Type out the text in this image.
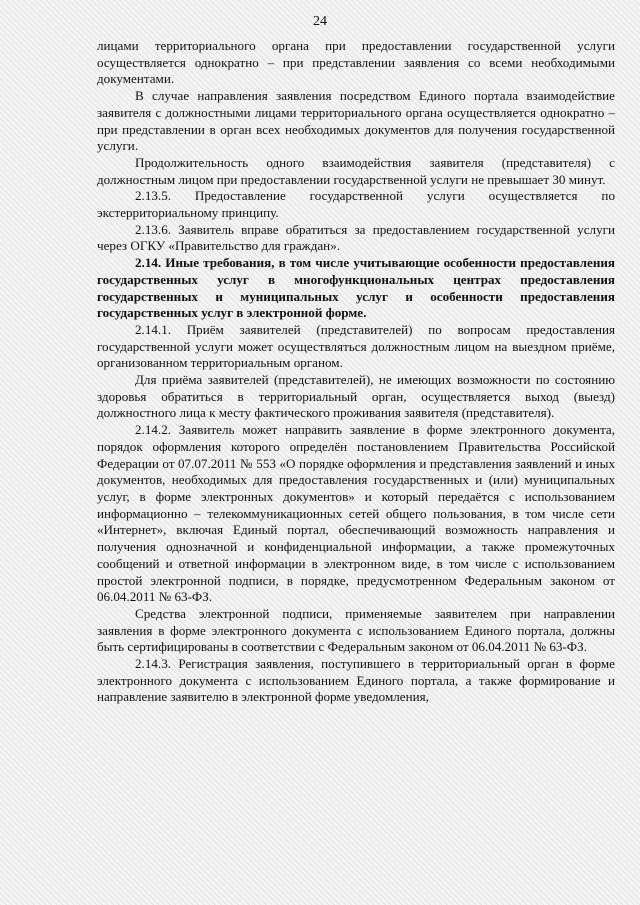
24

лицами территориального органа при предоставлении государственной услуги осуществляется однократно – при представлении заявления со всеми необходимыми документами.

В случае направления заявления посредством Единого портала взаимодействие заявителя с должностными лицами территориального органа осуществляется однократно – при представлении в орган всех необходимых документов для получения государственной услуги.

Продолжительность одного взаимодействия заявителя (представителя) с должностным лицом при предоставлении государственной услуги не превышает 30 минут.

2.13.5. Предоставление государственной услуги осуществляется по экстерриториальному принципу.

2.13.6. Заявитель вправе обратиться за предоставлением государственной услуги через ОГКУ «Правительство для граждан».

2.14. Иные требования, в том числе учитывающие особенности предоставления государственных услуг в многофункциональных центрах предоставления государственных и муниципальных услуг и особенности предоставления государственных услуг в электронной форме.

2.14.1. Приём заявителей (представителей) по вопросам предоставления государственной услуги может осуществляться должностным лицом на выездном приёме, организованном территориальным органом.

Для приёма заявителей (представителей), не имеющих возможности по состоянию здоровья обратиться в территориальный орган, осуществляется выход (выезд) должностного лица к месту фактического проживания заявителя (представителя).

2.14.2. Заявитель может направить заявление в форме электронного документа, порядок оформления которого определён постановлением Правительства Российской Федерации от 07.07.2011 № 553 «О порядке оформления и представления заявлений и иных документов, необходимых для предоставления государственных и (или) муниципальных услуг, в форме электронных документов» и который передаётся с использованием информационно – телекоммуникационных сетей общего пользования, в том числе сети «Интернет», включая Единый портал, обеспечивающий возможность направления и получения однозначной и конфиденциальной информации, а также промежуточных сообщений и ответной информации в электронном виде, в том числе с использованием простой электронной подписи, в порядке, предусмотренном Федеральным законом от 06.04.2011 № 63-ФЗ.

Средства электронной подписи, применяемые заявителем при направлении заявления в форме электронного документа с использованием Единого портала, должны быть сертифицированы в соответствии с Федеральным законом от 06.04.2011 № 63-ФЗ.

2.14.3. Регистрация заявления, поступившего в территориальный орган в форме электронного документа с использованием Единого портала, а также формирование и направление заявителю в электронной форме уведомления,
